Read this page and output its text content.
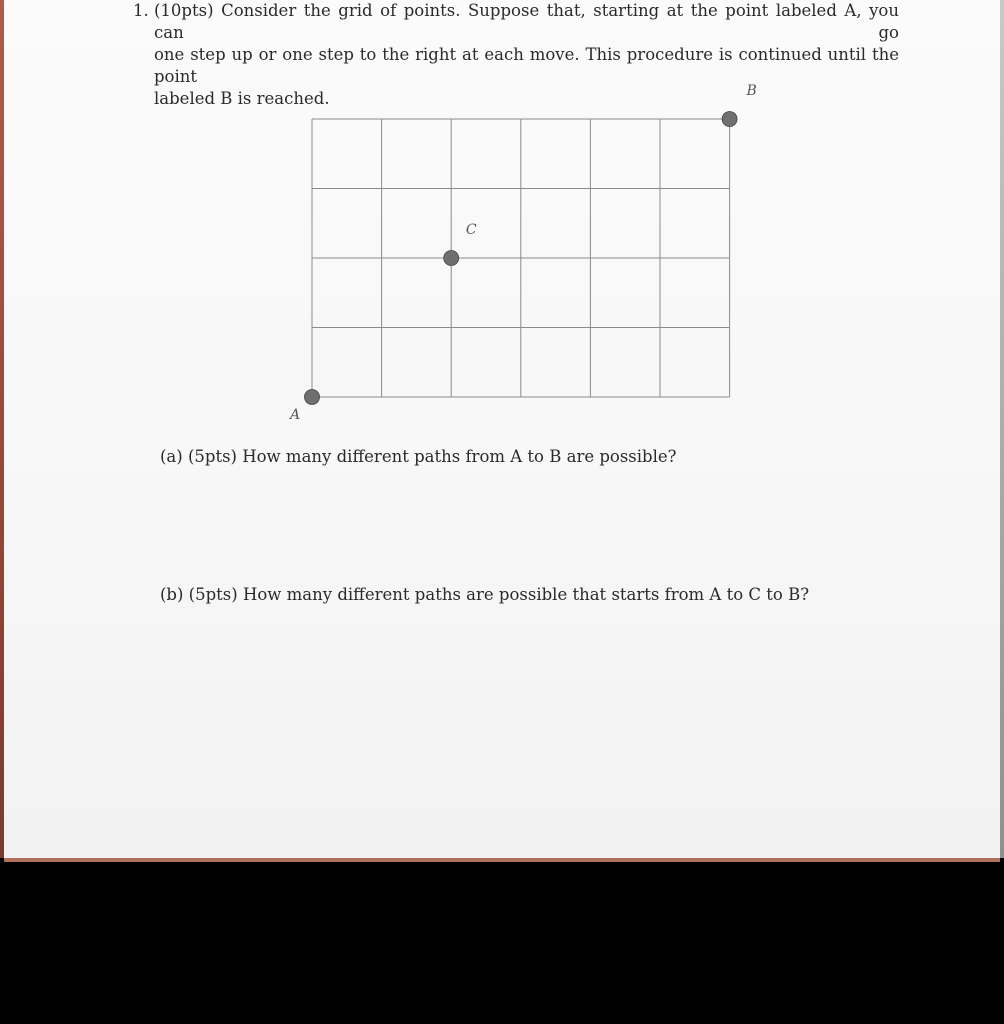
1. (10pts) Consider the grid of points. Suppose that, starting at the point labeled A, you can go
one step up or one step to the right at each move. This procedure is continued until the point
labeled B is reached.
A
C
B
(a) (5pts) How many different paths from A to B are possible?
(b) (5pts) How many different paths are possible that starts from A to C to B?
